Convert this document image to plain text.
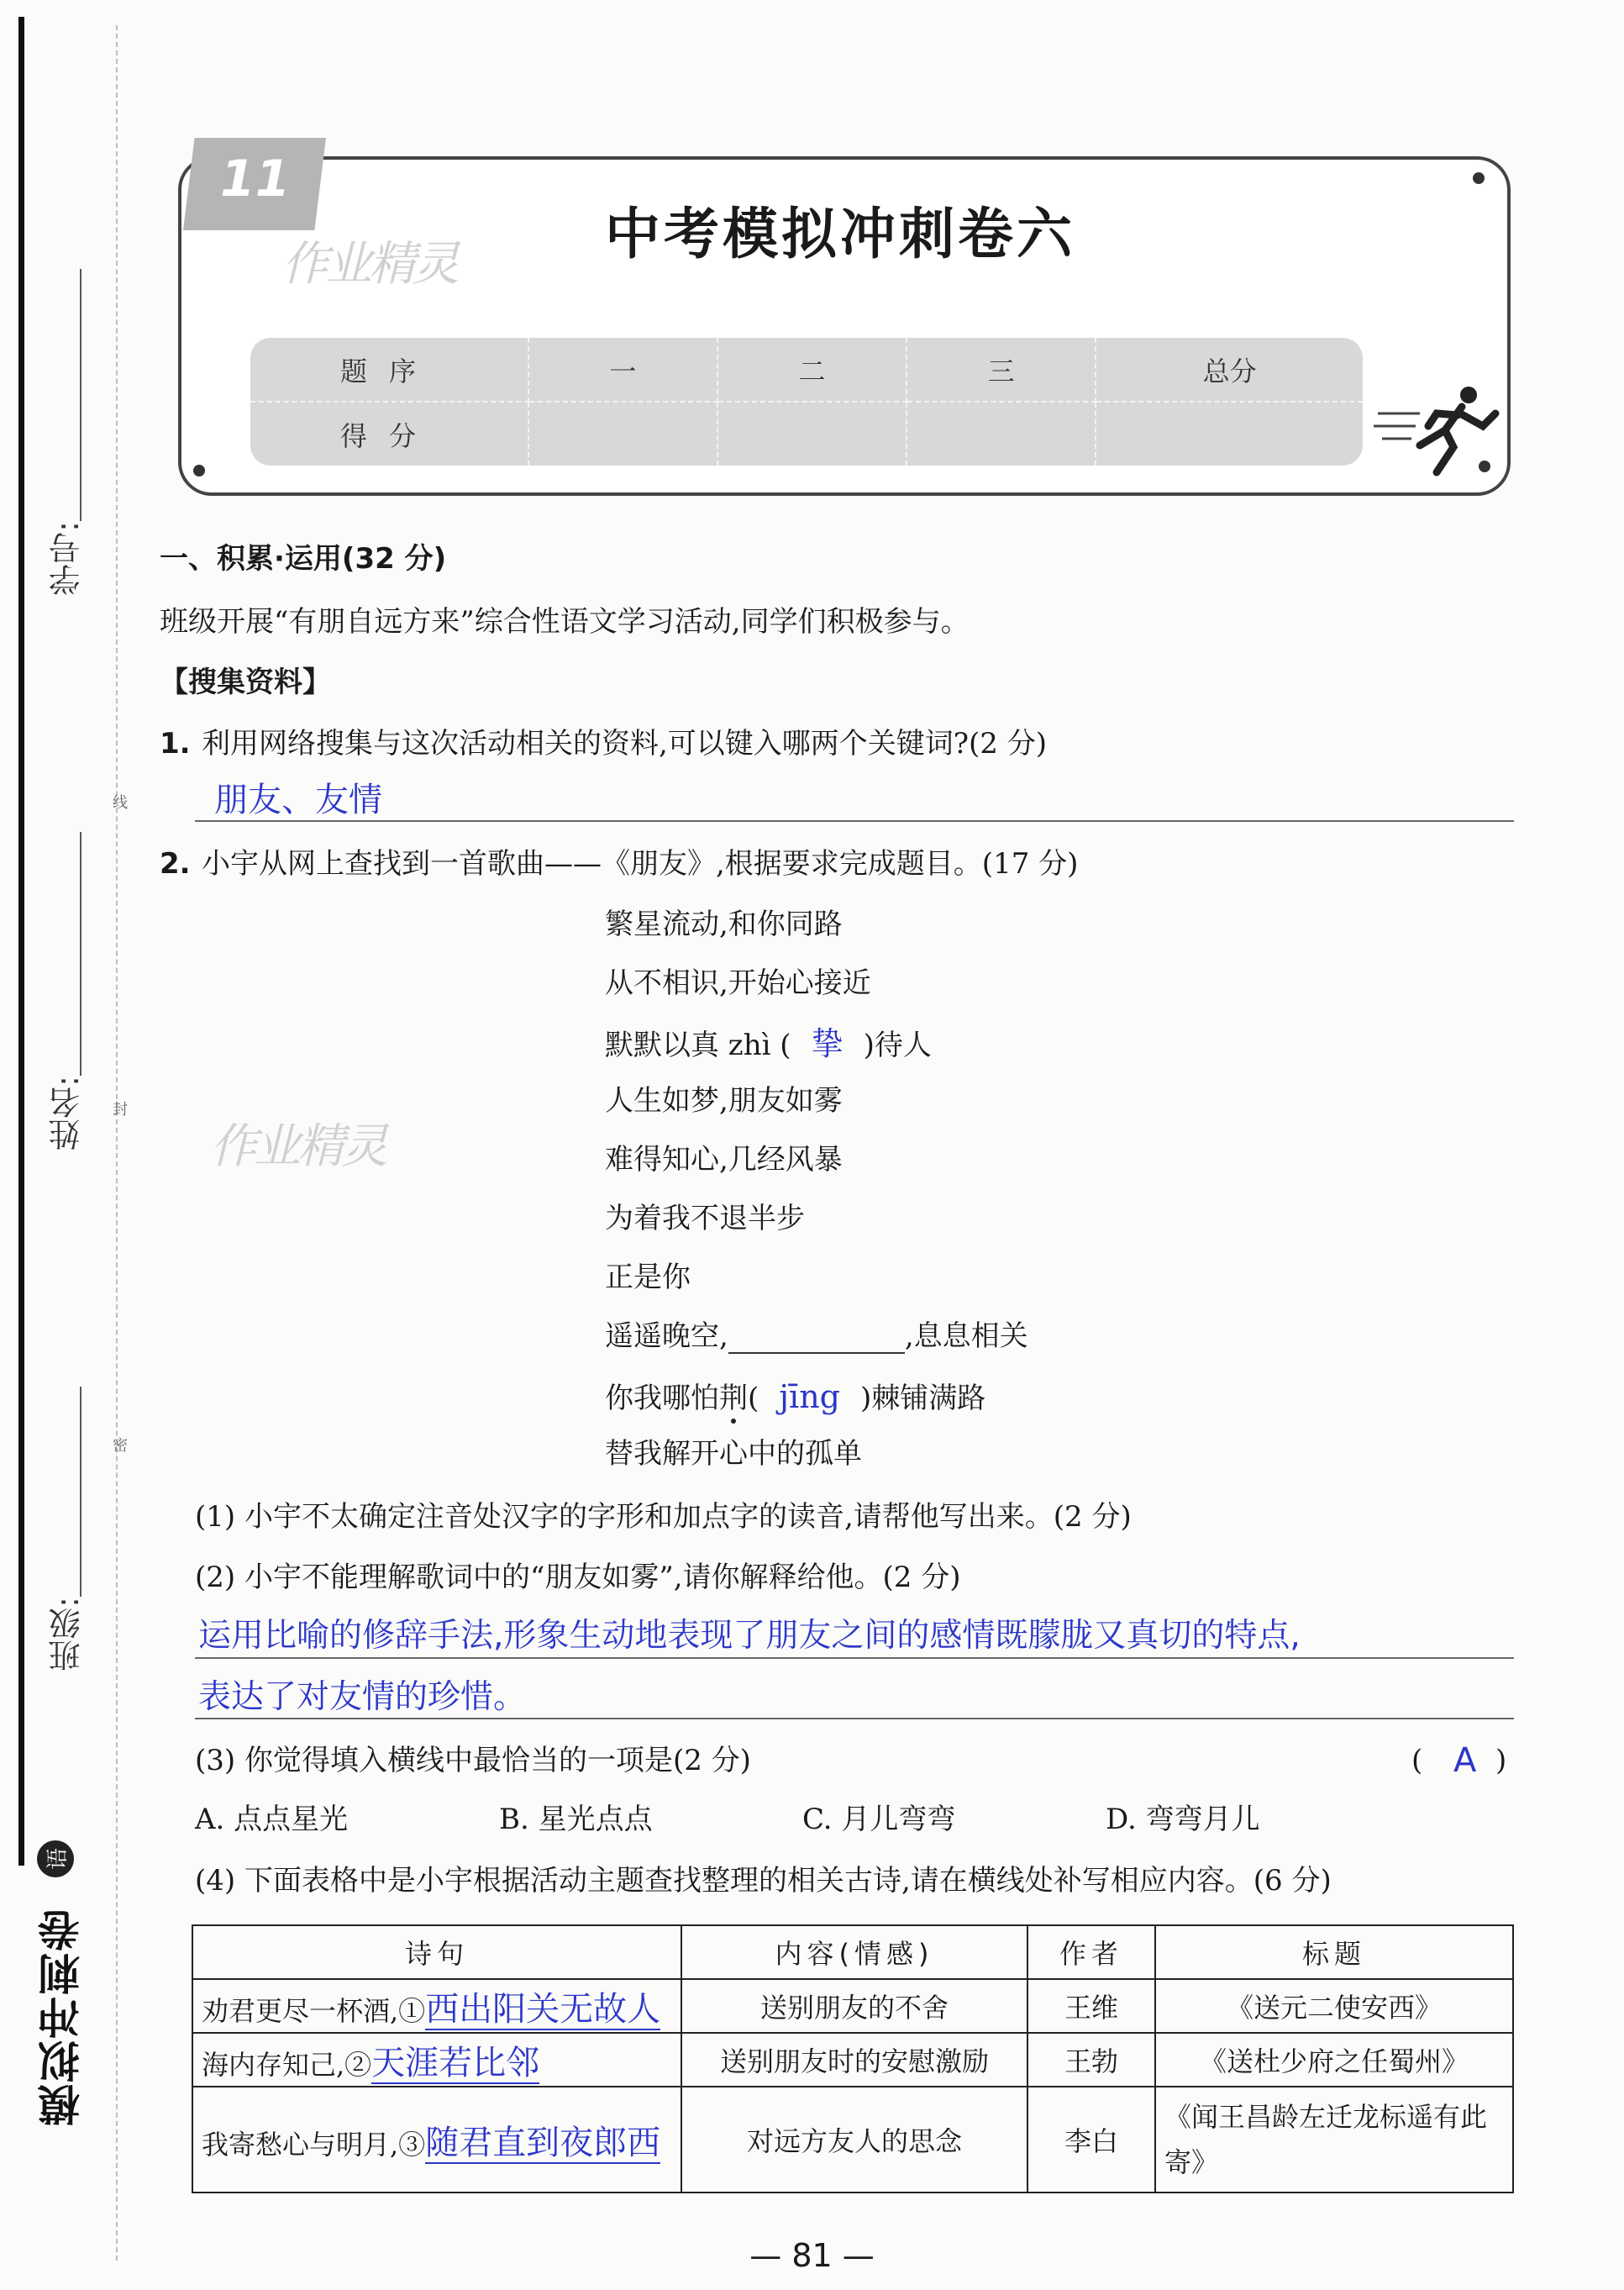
学号:
姓名:
班级:
线
封
密
语
模拟冲刺卷
11
作业精灵	中考模拟冲刺卷六
题序	一	二	三	总分
得分				
一、积累·运用(32 分)
班级开展“有朋自远方来”综合性语文学习活动,同学们积极参与。
【搜集资料】
1. 利用网络搜集与这次活动相关的资料,可以键入哪两个关键词?(2 分)
朋友、友情
2. 小宇从网上查找到一首歌曲——《朋友》,根据要求完成题目。(17 分)
作业精灵
繁星流动,和你同路
从不相识,开始心接近
默默以真 zhì ( 挚 )待人
人生如梦,朋友如雾
难得知心,几经风暴
为着我不退半步
正是你
遥遥晚空,	,息息相关
你我哪怕荆( jīng )棘铺满路
替我解开心中的孤单
(1) 小宇不太确定注音处汉字的字形和加点字的读音,请帮他写出来。(2 分)
(2) 小宇不能理解歌词中的“朋友如雾”,请你解释给他。(2 分)
运用比喻的修辞手法,形象生动地表现了朋友之间的感情既朦胧又真切的特点,
表达了对友情的珍惜。
(3) 你觉得填入横线中最恰当的一项是(2 分)	( A )
A. 点点星光	B. 星光点点	C. 月儿弯弯	D. 弯弯月儿
(4) 下面表格中是小宇根据活动主题查找整理的相关古诗,请在横线处补写相应内容。(6 分)
诗句	内容(情感)	作者	标题
劝君更尽一杯酒,①西出阳关无故人	送别朋友的不舍	王维	《送元二使安西》
海内存知己,②天涯若比邻	送别朋友时的安慰激励	王勃	《送杜少府之任蜀州》
我寄愁心与明月,③随君直到夜郎西	对远方友人的思念	李白	《闻王昌龄左迁龙标遥有此寄》
— 81 —
